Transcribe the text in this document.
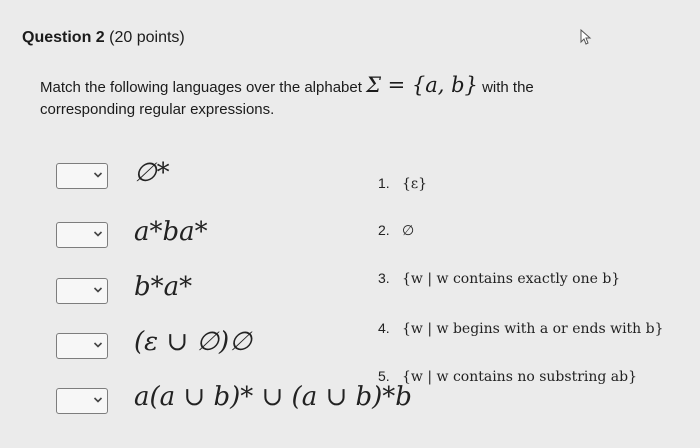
Question 2 (20 points)
Match the following languages over the alphabet Σ = {a, b} with the
corresponding regular expressions.
∅*
a*ba*
b*a*
(ε ∪ ∅)∅
a(a ∪ b)* ∪ (a ∪ b)*b
1. {ε}
2. ∅
3. {w | w contains exactly one b}
4. {w | w begins with a or ends with b}
5. {w | w contains no substring ab}
